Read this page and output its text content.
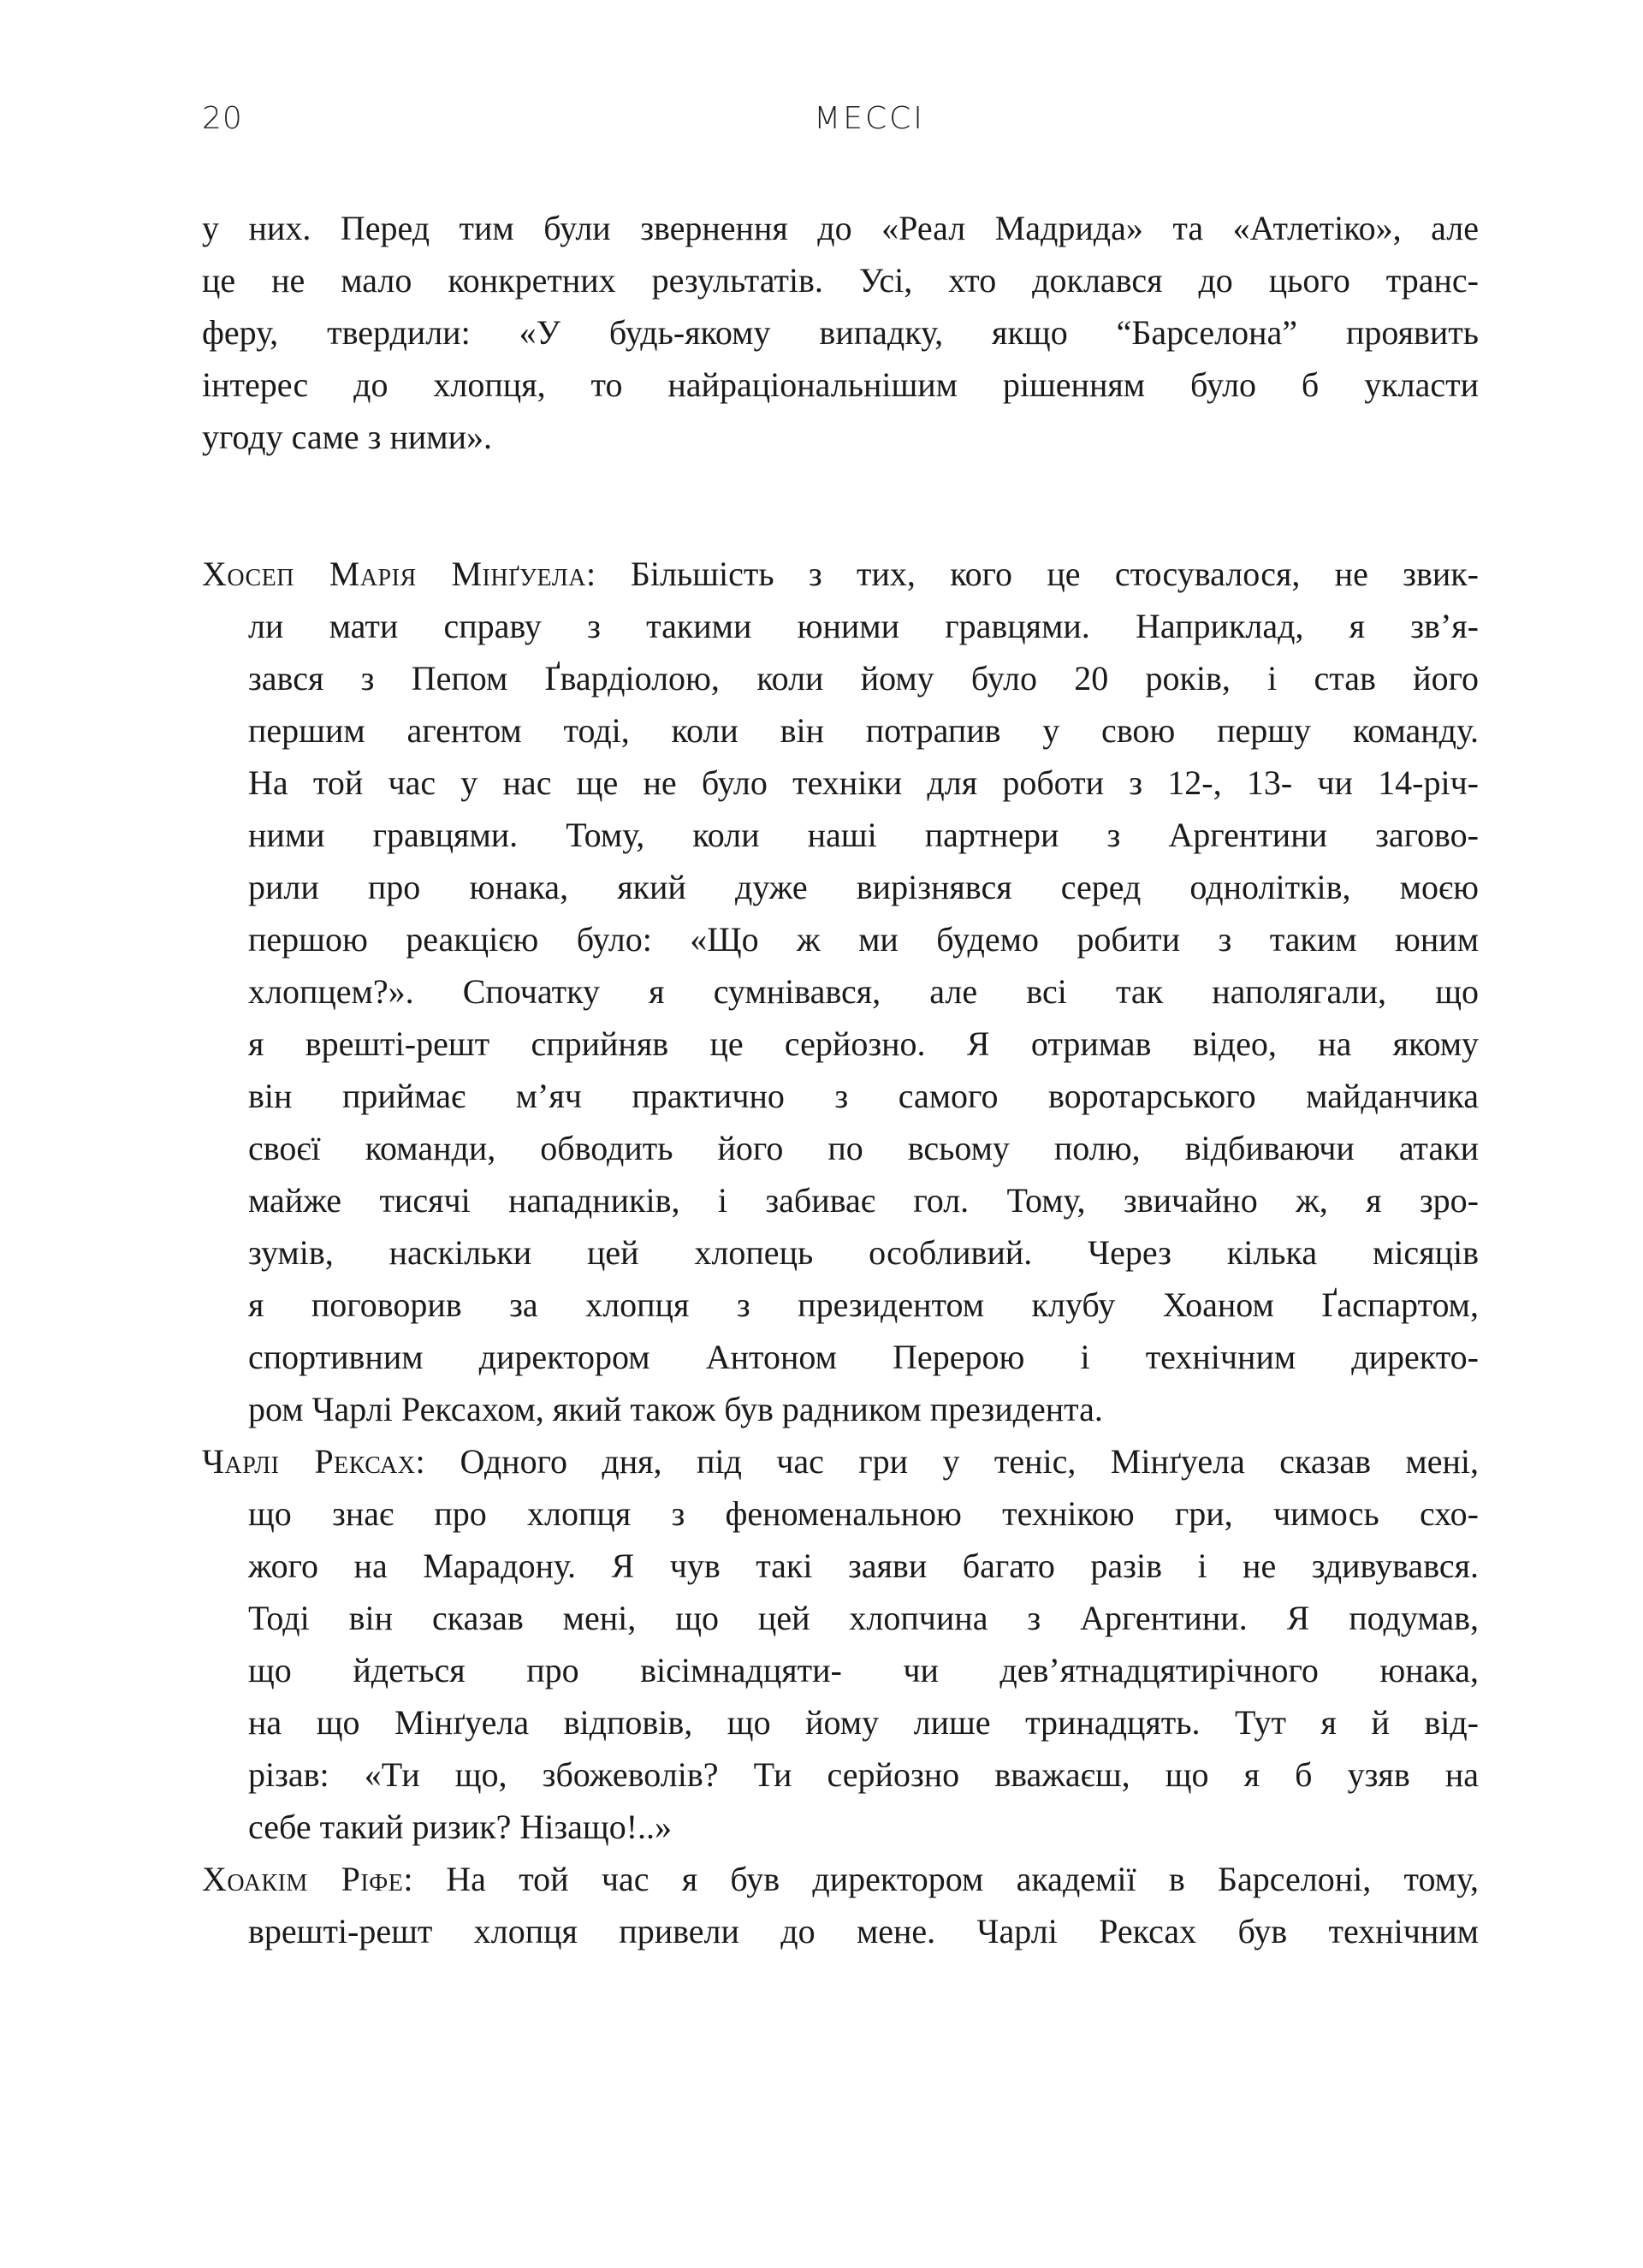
20	МЕССІ
у них. Перед тим були звернення до «Реал Мадрида» та «Атлетіко», але
це не мало конкретних результатів. Усі, хто доклався до цього транс-
феру, твердили: «У будь-якому випадку, якщо “Барселона” проявить
інтерес до хлопця, то найраціональнішим рішенням було б укласти
угоду саме з ними».
Хосеп Марія Мінґуела: Більшість з тих, кого це стосувалося, не звик-
ли мати справу з такими юними гравцями. Наприклад, я зв’я-
зався з Пепом Ґвардіолою, коли йому було 20 років, і став його
першим агентом тоді, коли він потрапив у свою першу команду.
На той час у нас ще не було техніки для роботи з 12-, 13- чи 14-річ-
ними гравцями. Тому, коли наші партнери з Аргентини загово-
рили про юнака, який дуже вирізнявся серед одноліткiв, моєю
першою реакцією було: «Що ж ми будемо робити з таким юним
хлопцем?». Спочатку я сумнівався, але всі так наполягали, що
я врешті-решт сприйняв це серйозно. Я отримав відео, на якому
він приймає м’яч практично з самого воротарського майданчика
своєї команди, обводить його по всьому полю, відбиваючи атаки
майже тисячі нападників, і забиває гол. Тому, звичайно ж, я зро-
зумів, наскільки цей хлопець особливий. Через кілька місяців
я поговорив за хлопця з президентом клубу Хоаном Ґаспартом,
спортивним директором Антоном Перерою і технічним директо-
ром Чарлі Рексахом, який також був радником президента.
Чарлі Рексах: Одного дня, під час гри у теніс, Мінґуела сказав мені,
що знає про хлопця з феноменальною технікою гри, чимось схо-
жого на Марадону. Я чув такі заяви багато разів і не здивувався.
Тоді він сказав мені, що цей хлопчина з Аргентини. Я подумав,
що йдеться про вісімнадцяти- чи дев’ятнадцятирічного юнака,
на що Мінґуела відповів, що йому лише тринадцять. Тут я й від-
різав: «Ти що, збожеволів? Ти серйозно вважаєш, що я б узяв на
себе такий ризик? Нізащо!..»
Хоакім Ріфе: На той час я був директором академії в Барселоні, тому,
врешті-решт хлопця привели до мене. Чарлі Рексах був технічним
